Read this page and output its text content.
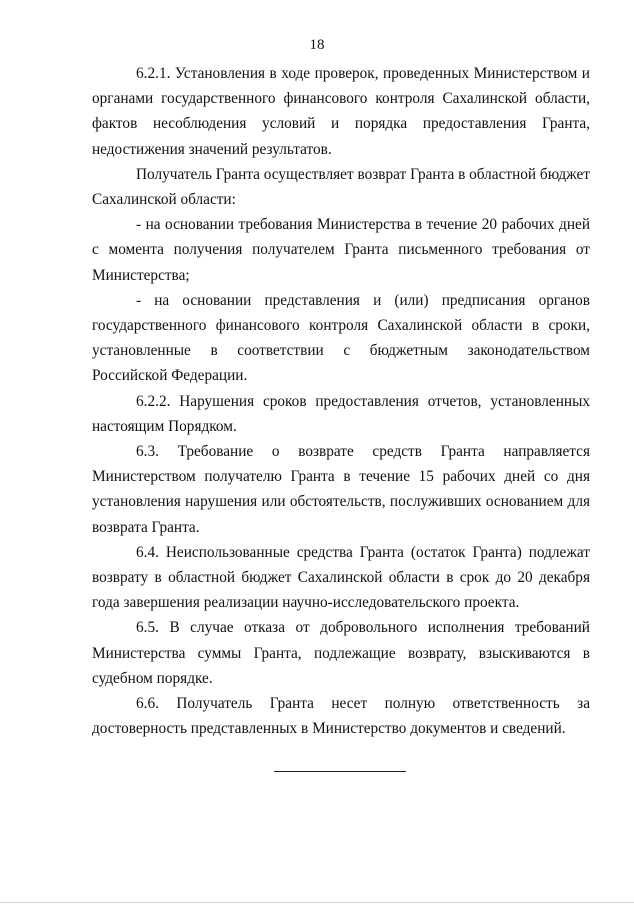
18

6.2.1. Установления в ходе проверок, проведенных Министерством и органами государственного финансового контроля Сахалинской области, фактов несоблюдения условий и порядка предоставления Гранта, недостижения значений результатов.

Получатель Гранта осуществляет возврат Гранта в областной бюджет Сахалинской области:

- на основании требования Министерства в течение 20 рабочих дней с момента получения получателем Гранта письменного требования от Министерства;

- на основании представления и (или) предписания органов государственного финансового контроля Сахалинской области в сроки, установленные в соответствии с бюджетным законодательством Российской Федерации.

6.2.2. Нарушения сроков предоставления отчетов, установленных настоящим Порядком.

6.3. Требование о возврате средств Гранта направляется Министерством получателю Гранта в течение 15 рабочих дней со дня установления нарушения или обстоятельств, послуживших основанием для возврата Гранта.

6.4. Неиспользованные средства Гранта (остаток Гранта) подлежат возврату в областной бюджет Сахалинской области в срок до 20 декабря года завершения реализации научно-исследовательского проекта.

6.5. В случае отказа от добровольного исполнения требований Министерства суммы Гранта, подлежащие возврату, взыскиваются в судебном порядке.

6.6. Получатель Гранта несет полную ответственность за достоверность представленных в Министерство документов и сведений.
